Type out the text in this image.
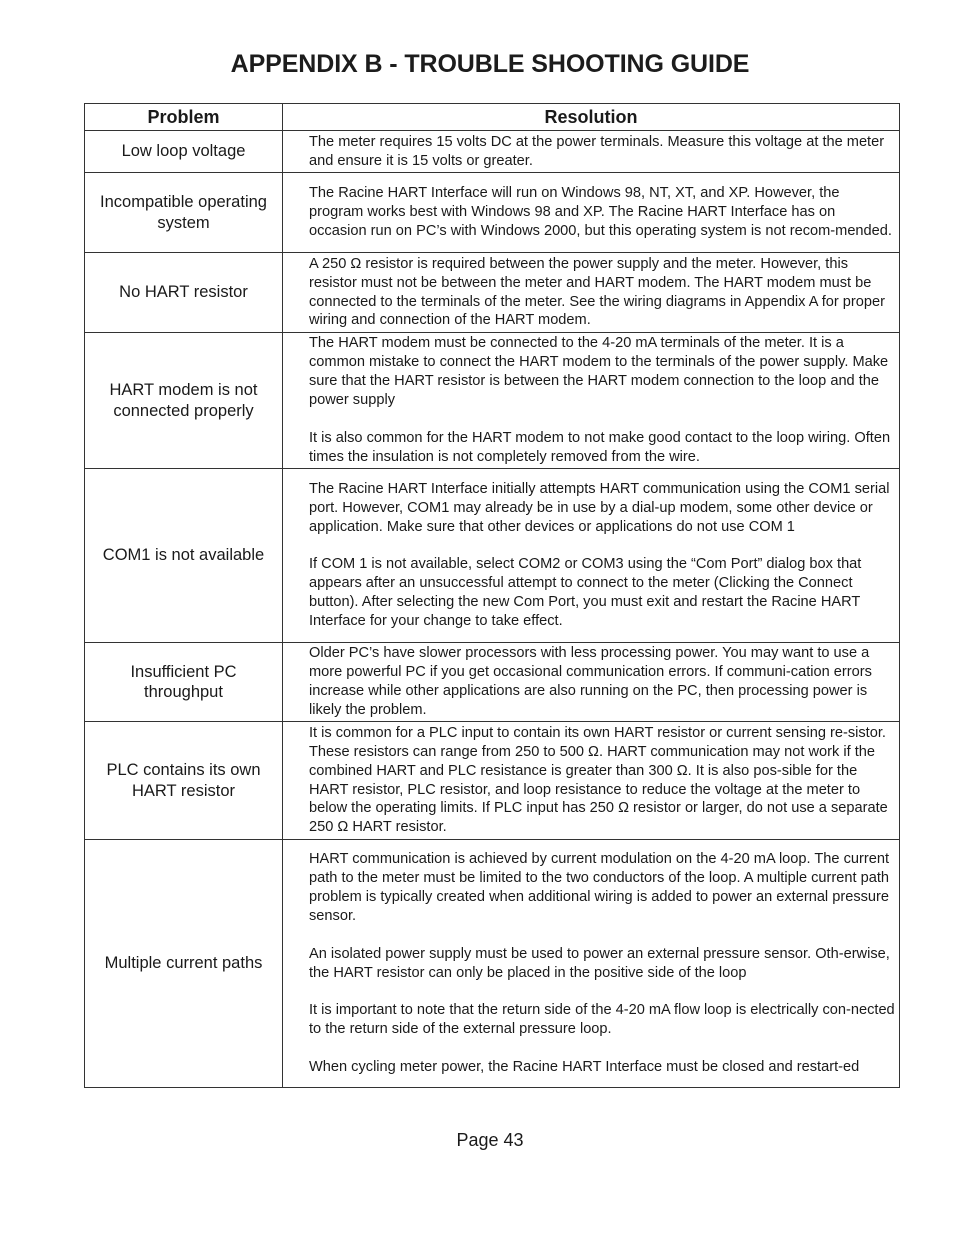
APPENDIX B - TROUBLE SHOOTING GUIDE
Problem	Resolution
Low loop voltage	The meter requires 15 volts DC at the power terminals. Measure this voltage at the meter and ensure it is 15 volts or greater.

Incompatible operating system	The Racine HART Interface will run on Windows 98, NT, XT, and XP. However, the program works best with Windows 98 and XP. The Racine HART Interface has on occasion run on PC’s with Windows 2000, but this operating system is not recom-mended.

No HART resistor	A 250 Ω resistor is required between the power supply and the meter. However, this resistor must not be between the meter and HART modem. The HART modem must be connected to the terminals of the meter. See the wiring diagrams in Appendix A for proper wiring and connection of the HART modem.

HART modem is not connected properly	The HART modem must be connected to the 4-20 mA terminals of the meter. It is a common mistake to connect the HART modem to the terminals of the power supply. Make sure that the HART resistor is between the HART modem connection to the loop and the power supply

It is also common for the HART modem to not make good contact to the loop wiring. Often times the insulation is not completely removed from the wire.

COM1 is not available	The Racine HART Interface initially attempts HART communication using the COM1 serial port. However, COM1 may already be in use by a dial-up modem, some other device or application. Make sure that other devices or applications do not use COM 1

If COM 1 is not available, select COM2 or COM3 using the “Com Port” dialog box that appears after an unsuccessful attempt to connect to the meter (Clicking the Connect button). After selecting the new Com Port, you must exit and restart the Racine HART Interface for your change to take effect.

Insufficient PC throughput	Older PC’s have slower processors with less processing power. You may want to use a more powerful PC if you get occasional communication errors. If communi-cation errors increase while other applications are also running on the PC, then processing power is likely the problem.

PLC contains its own HART resistor	It is common for a PLC input to contain its own HART resistor or current sensing re-sistor. These resistors can range from 250 to 500 Ω. HART communication may not work if the combined HART and PLC resistance is greater than 300 Ω. It is also pos-sible for the HART resistor, PLC resistor, and loop resistance to reduce the voltage at the meter to below the operating limits. If PLC input has 250 Ω resistor or larger, do not use a separate 250 Ω HART resistor.

Multiple current paths	HART communication is achieved by current modulation on the 4-20 mA loop. The current path to the meter must be limited to the two conductors of the loop. A multiple current path problem is typically created when additional wiring is added to power an external pressure sensor.

An isolated power supply must be used to power an external pressure sensor. Oth-erwise, the HART resistor can only be placed in the positive side of the loop

It is important to note that the return side of the 4-20 mA flow loop is electrically con-nected to the return side of the external pressure loop.

When cycling meter power, the Racine HART Interface must be closed and restart-ed

Page 43
